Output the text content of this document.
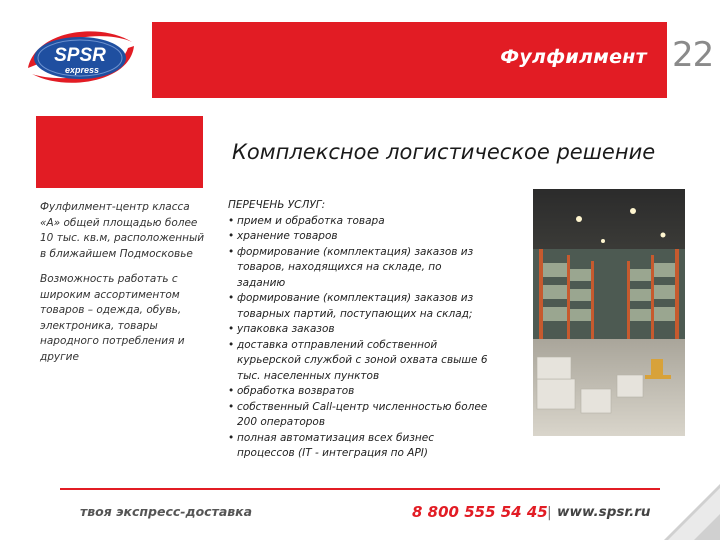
SPSR
express
Фулфилмент 22
Комплексное логистическое решение

Фулфилмент-центр класса «А» общей площадью более 10 тыс. кв.м, расположенный в ближайшем Подмосковье

Возможность работать с широким ассортиментом товаров – одежда, обувь, электроника, товары народного потребления и другие

ПЕРЕЧЕНЬ УСЛУГ:

• прием и обработка товара
• хранение товаров
• формирование (комплектация) заказов из товаров, находящихся на складе, по заданию
• формирование (комплектация) заказов из товарных партий, поступающих на склад;
• упаковка заказов
• доставка отправлений собственной курьерской службой с зоной охвата свыше 6 тыс. населенных пунктов
• обработка возвратов
• собственный Call-центр численностью более 200 операторов
• полная автоматизация всех бизнес процессов (IT - интеграция по API)
твоя экспресс-доставка	8 800 555 54 45 | www.spsr.ru
